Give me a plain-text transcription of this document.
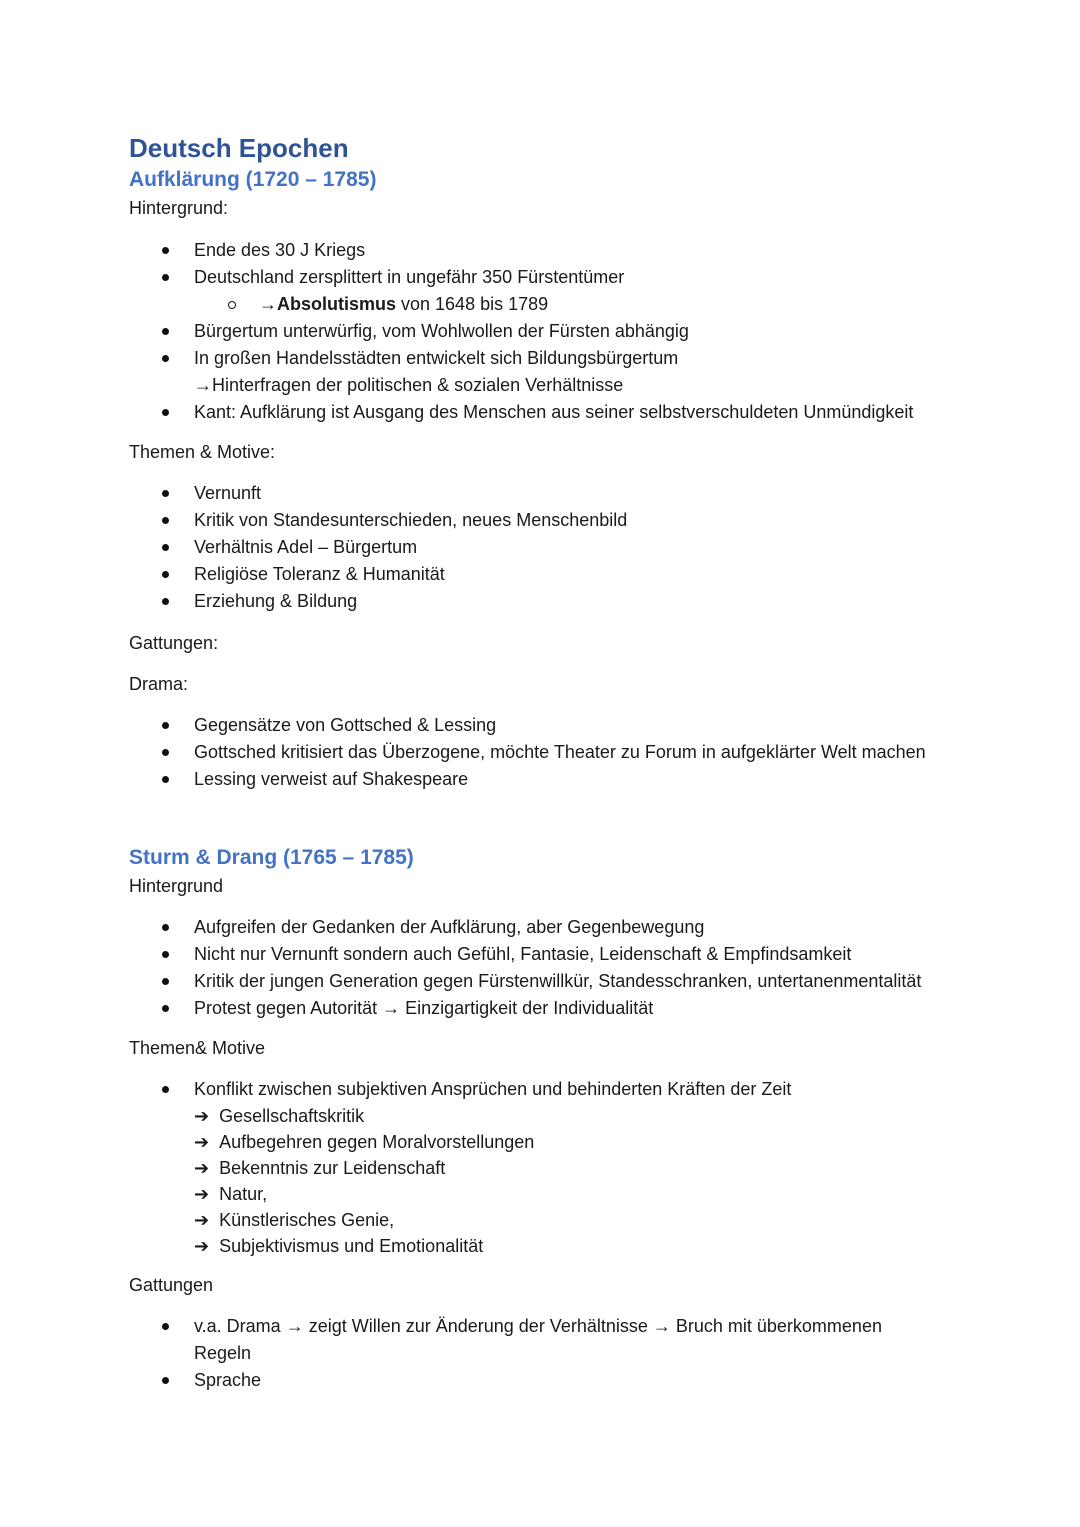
Deutsch Epochen
Aufklärung (1720 – 1785)

Hintergrund:

Ende des 30 J Kriegs
Deutschland zersplittert in ungefähr 350 Fürstentümer
→Absolutismus von 1648 bis 1789
Bürgertum unterwürfig, vom Wohlwollen der Fürsten abhängig
In großen Handelsstädten entwickelt sich Bildungsbürgertum
→Hinterfragen der politischen & sozialen Verhältnisse
Kant: Aufklärung ist Ausgang des Menschen aus seiner selbstverschuldeten Unmündigkeit

Themen & Motive:

Vernunft
Kritik von Standesunterschieden, neues Menschenbild
Verhältnis Adel – Bürgertum
Religiöse Toleranz & Humanität
Erziehung & Bildung

Gattungen:

Drama:

Gegensätze von Gottsched & Lessing
Gottsched kritisiert das Überzogene, möchte Theater zu Forum in aufgeklärter Welt machen
Lessing verweist auf Shakespeare
Sturm & Drang (1765 – 1785)

Hintergrund

Aufgreifen der Gedanken der Aufklärung, aber Gegenbewegung
Nicht nur Vernunft sondern auch Gefühl, Fantasie, Leidenschaft & Empfindsamkeit
Kritik der jungen Generation gegen Fürstenwillkür, Standesschranken, untertanenmentalität
Protest gegen Autorität → Einzigartigkeit der Individualität

Themen& Motive

Konflikt zwischen subjektiven Ansprüchen und behinderten Kräften der Zeit
➔ Gesellschaftskritik
➔ Aufbegehren gegen Moralvorstellungen
➔ Bekenntnis zur Leidenschaft
➔ Natur,
➔ Künstlerisches Genie,
➔ Subjektivismus und Emotionalität

Gattungen

v.a. Drama → zeigt Willen zur Änderung der Verhältnisse → Bruch mit überkommenen
Regeln
Sprache
